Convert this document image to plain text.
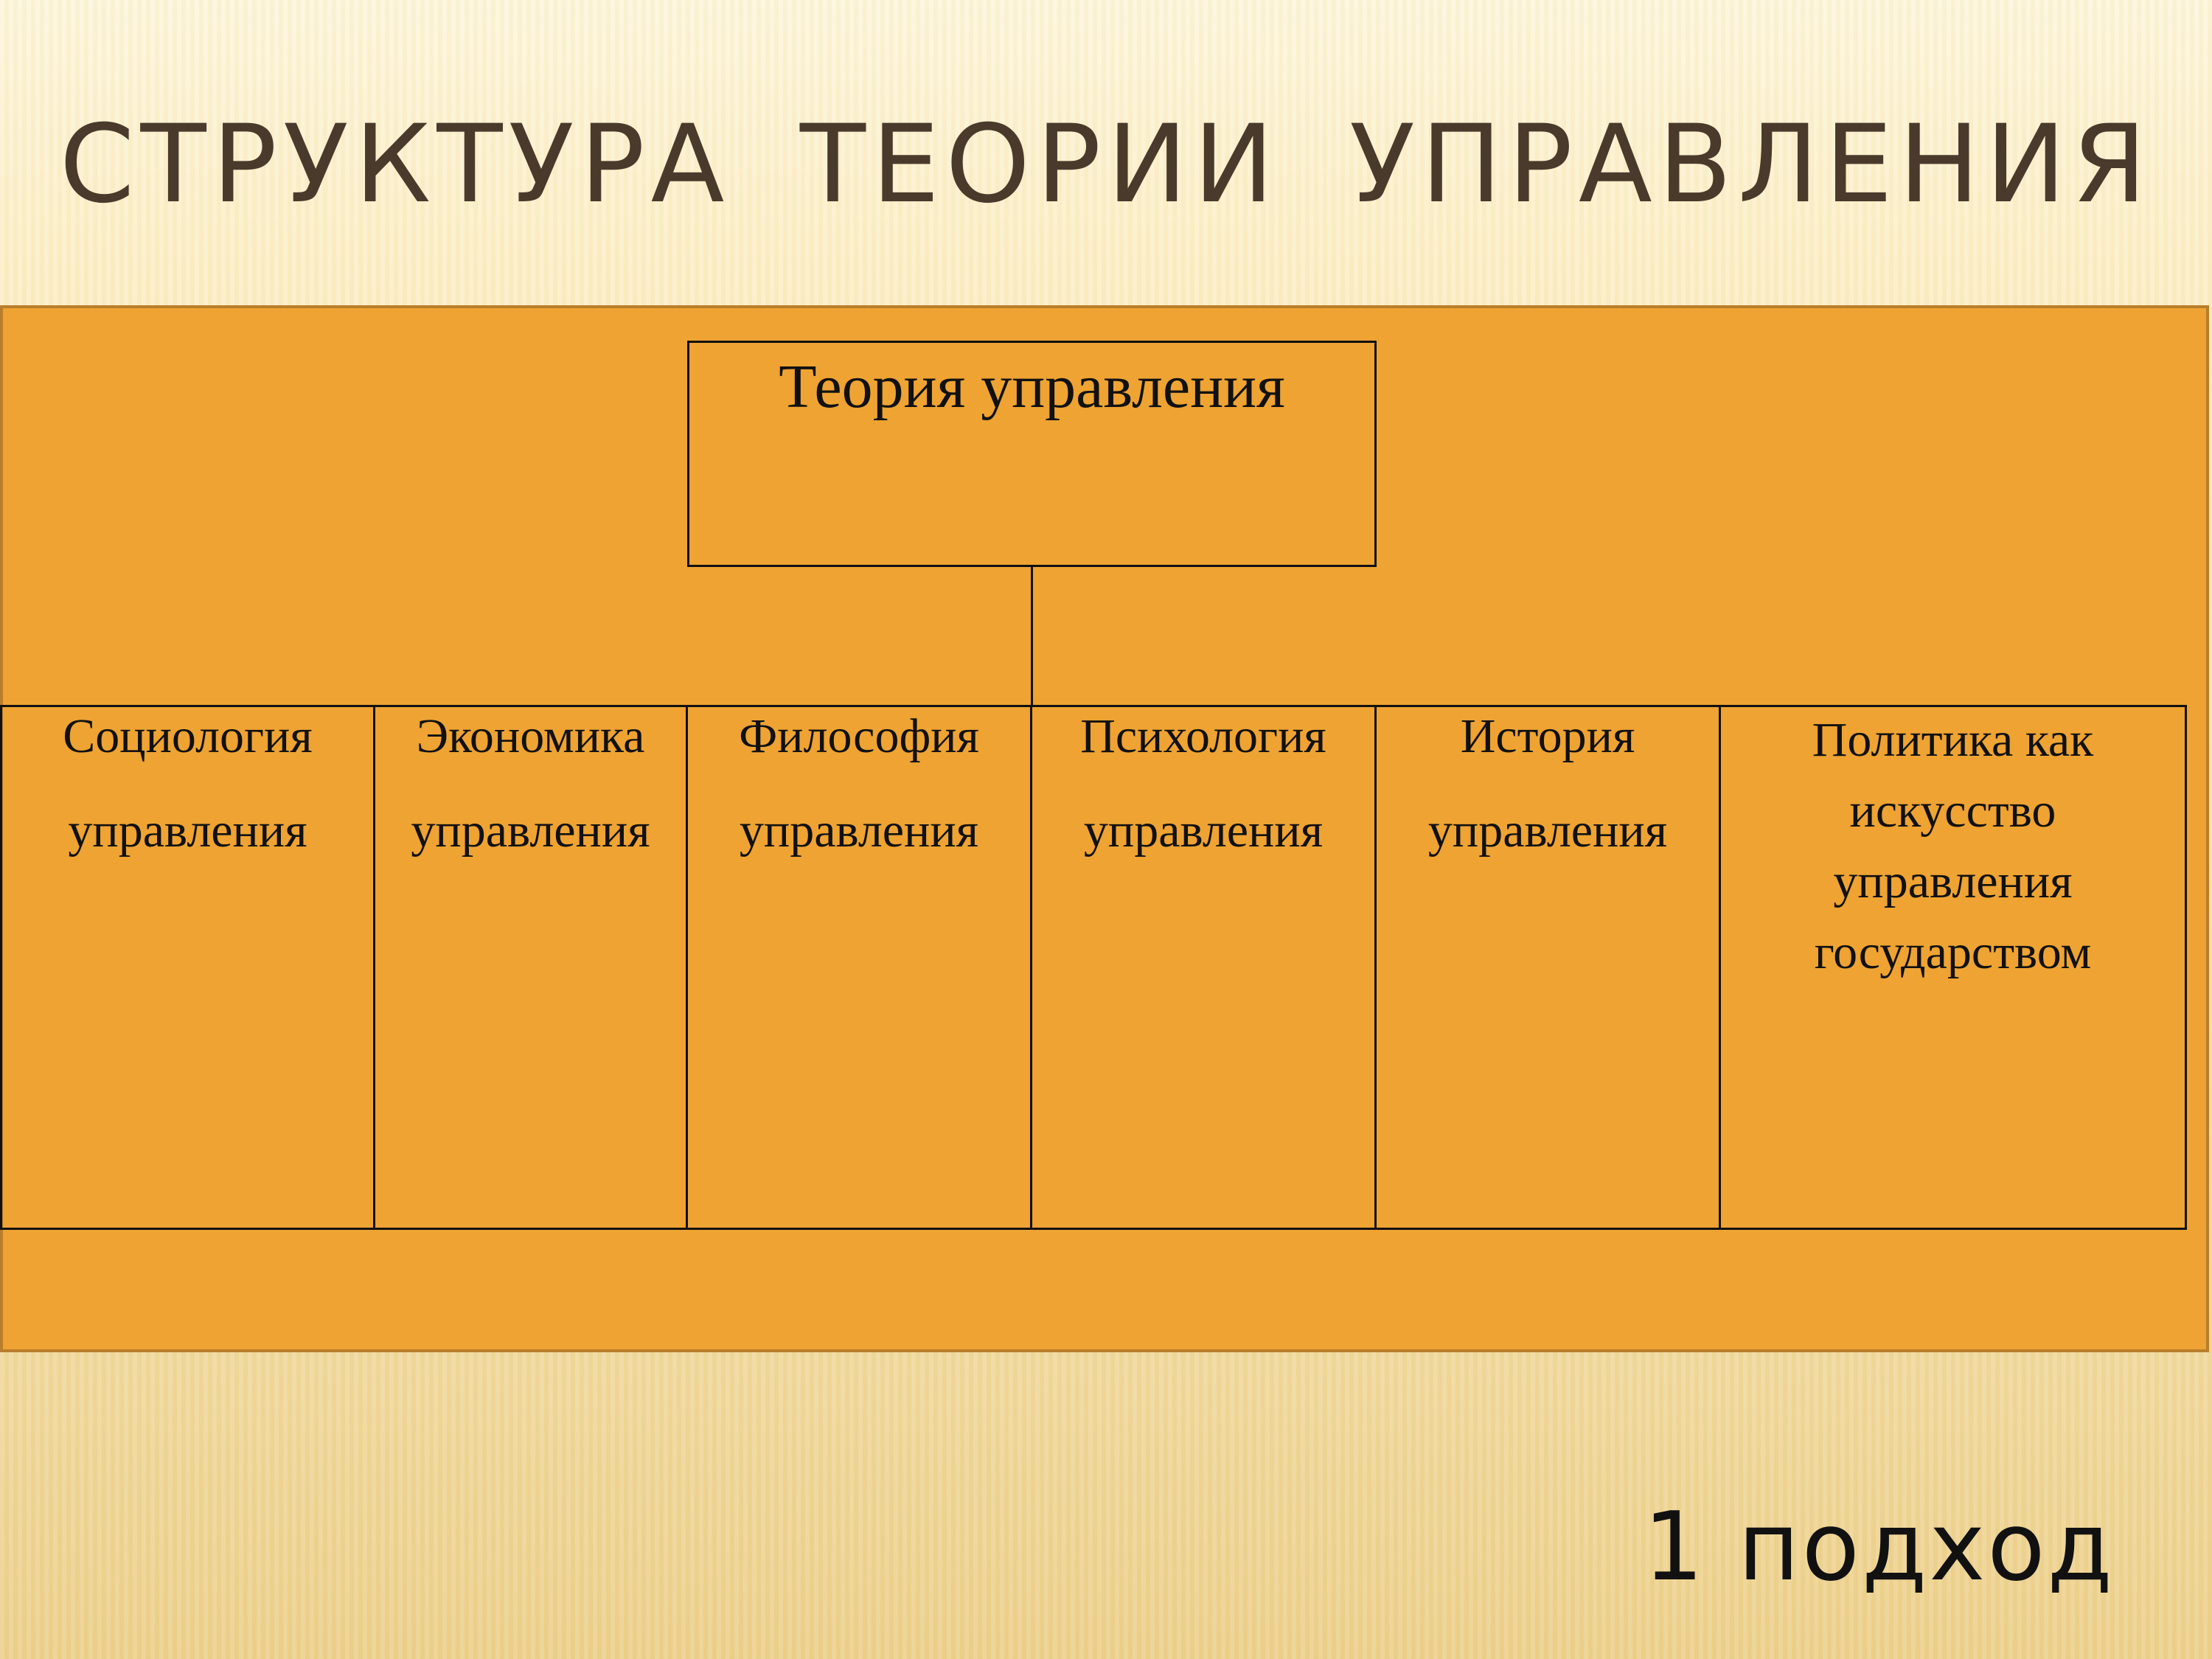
СТРУКТУРА ТЕОРИИ УПРАВЛЕНИЯ
Теория управления
Социология
управления
Экономика
управления
Философия
управления
Психология
управления
История
управления
Политика как
искусство
управления
государством
1 подход
